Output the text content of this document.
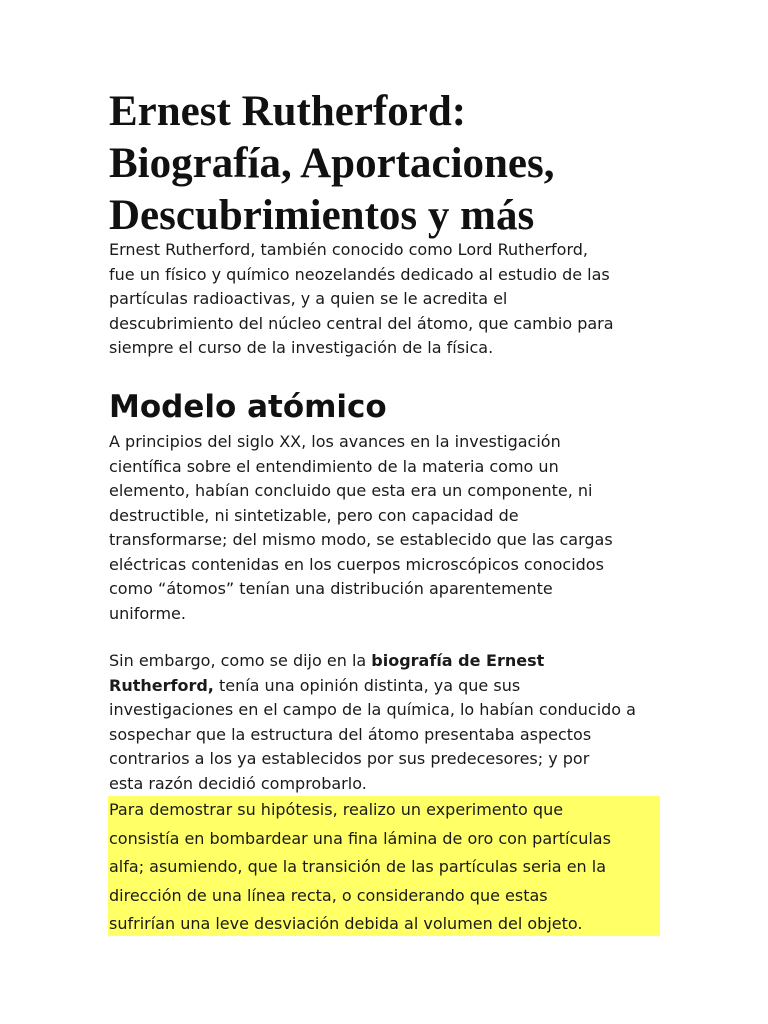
Ernest Rutherford:
Biografía, Aportaciones,
Descubrimientos y más
Ernest Rutherford, también conocido como Lord Rutherford,
fue un físico y químico neozelandés dedicado al estudio de las
partículas radioactivas, y a quien se le acredita el
descubrimiento del núcleo central del átomo, que cambio para
siempre el curso de la investigación de la física.
Modelo atómico
A principios del siglo XX, los avances en la investigación
científica sobre el entendimiento de la materia como un
elemento, habían concluido que esta era un componente, ni
destructible, ni sintetizable, pero con capacidad de
transformarse; del mismo modo, se establecido que las cargas
eléctricas contenidas en los cuerpos microscópicos conocidos
como “átomos” tenían una distribución aparentemente
uniforme.
Sin embargo, como se dijo en la biografía de Ernest
Rutherford, tenía una opinión distinta, ya que sus
investigaciones en el campo de la química, lo habían conducido a
sospechar que la estructura del átomo presentaba aspectos
contrarios a los ya establecidos por sus predecesores; y por
esta razón decidió comprobarlo.
Para demostrar su hipótesis, realizo un experimento que
consistía en bombardear una fina lámina de oro con partículas
alfa; asumiendo, que la transición de las partículas seria en la
dirección de una línea recta, o considerando que estas
sufrirían una leve desviación debida al volumen del objeto.
